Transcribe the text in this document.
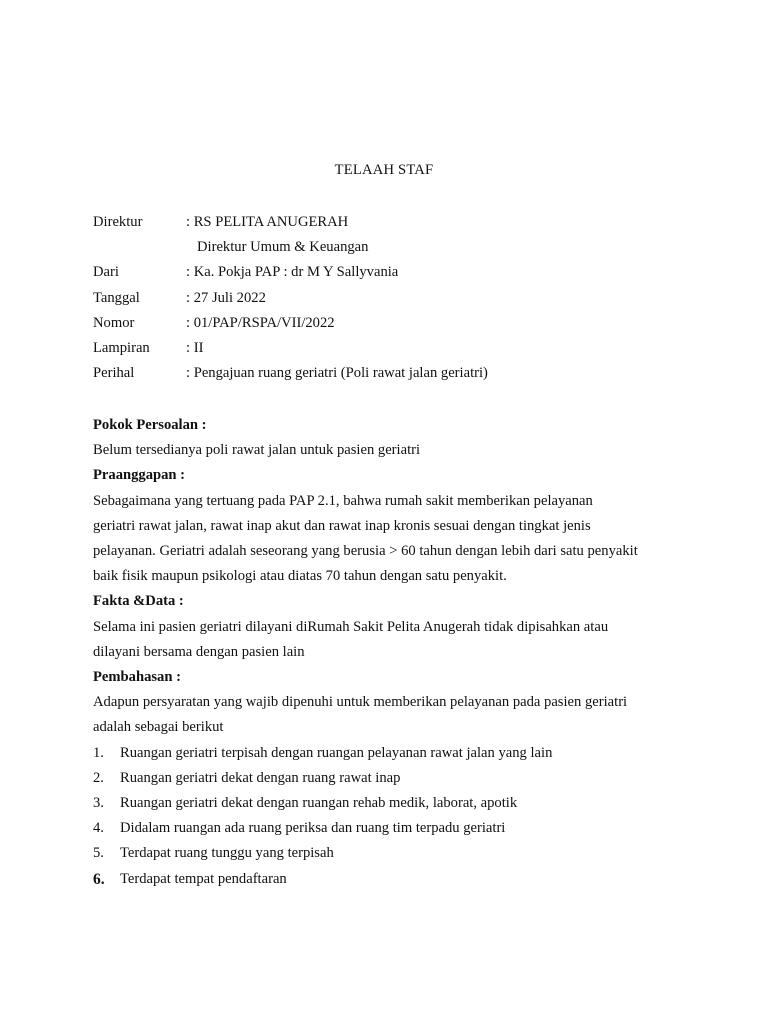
TELAAH STAF
Direktur	: RS PELITA ANUGERAH
Direktur Umum & Keuangan
Dari	: Ka. Pokja PAP : dr M Y Sallyvania
Tanggal	: 27 Juli 2022
Nomor	: 01/PAP/RSPA/VII/2022
Lampiran : II
Perihal	: Pengajuan ruang geriatri (Poli rawat jalan geriatri)
Pokok Persoalan :
Belum tersedianya poli rawat jalan untuk pasien geriatri
Praanggapan :
Sebagaimana yang tertuang pada PAP 2.1, bahwa rumah sakit memberikan pelayanan
geriatri rawat jalan, rawat inap akut dan rawat inap kronis sesuai dengan tingkat jenis
pelayanan. Geriatri adalah seseorang yang berusia > 60 tahun dengan lebih dari satu penyakit
baik fisik maupun psikologi atau diatas 70 tahun dengan satu penyakit.
Fakta &Data :
Selama ini pasien geriatri dilayani diRumah Sakit Pelita Anugerah tidak dipisahkan atau
dilayani bersama dengan pasien lain
Pembahasan :
Adapun persyaratan yang wajib dipenuhi untuk memberikan pelayanan pada pasien geriatri
adalah sebagai berikut
1. Ruangan geriatri terpisah dengan ruangan pelayanan rawat jalan yang lain
2. Ruangan geriatri dekat dengan ruang rawat inap
3. Ruangan geriatri dekat dengan ruangan rehab medik, laborat, apotik
4. Didalam ruangan ada ruang periksa dan ruang tim terpadu geriatri
5. Terdapat ruang tunggu yang terpisah
6. Terdapat tempat pendaftaran
